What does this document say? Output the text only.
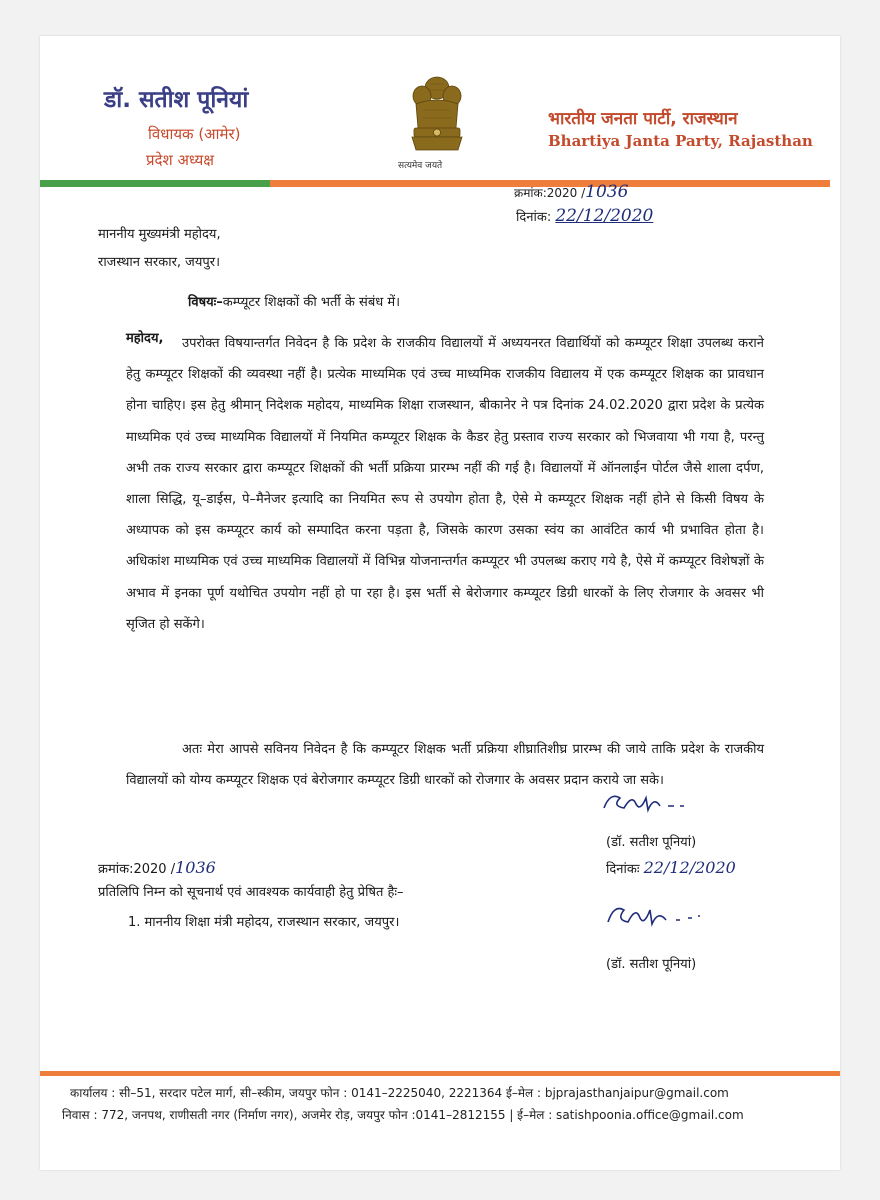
डॉ. सतीश पूनियां
विधायक (आमेर)
प्रदेश अध्यक्ष	सत्यमेव जयते
भारतीय जनता पार्टी, राजस्थान
Bhartiya Janta Party, Rajasthan
क्रमांक:2020 /1036
दिनांक: 22/12/2020
माननीय मुख्यमंत्री महोदय,
राजस्थान सरकार, जयपुर।
विषयः–कम्प्यूटर शिक्षकों की भर्ती के संबंध में।
महोदय,	उपरोक्त विषयान्तर्गत निवेदन है कि प्रदेश के राजकीय विद्यालयों में अध्ययनरत विद्यार्थियों को कम्प्यूटर शिक्षा उपलब्ध कराने हेतु कम्प्यूटर शिक्षकों की व्यवस्था नहीं है। प्रत्येक माध्यमिक एवं उच्च माध्यमिक राजकीय विद्यालय में एक कम्प्यूटर शिक्षक का प्रावधान होना चाहिए। इस हेतु श्रीमान् निदेशक महोदय, माध्यमिक शिक्षा राजस्थान, बीकानेर ने पत्र दिनांक 24.02.2020 द्वारा प्रदेश के प्रत्येक माध्यमिक एवं उच्च माध्यमिक विद्यालयों में नियमित कम्प्यूटर शिक्षक के कैडर हेतु प्रस्ताव राज्य सरकार को भिजवाया भी गया है, परन्तु अभी तक राज्य सरकार द्वारा कम्प्यूटर शिक्षकों की भर्ती प्रक्रिया प्रारम्भ नहीं की गई है। विद्यालयों में ऑनलाईन पोर्टल जैसे शाला दर्पण, शाला सिद्धि, यू–डाईस, पे–मैनेजर इत्यादि का नियमित रूप से उपयोग होता है, ऐसे मे कम्प्यूटर शिक्षक नहीं होने से किसी विषय के अध्यापक को इस कम्प्यूटर कार्य को सम्पादित करना पड़ता है, जिसके कारण उसका स्वंय का आवंटित कार्य भी प्रभावित होता है। अधिकांश माध्यमिक एवं उच्च माध्यमिक विद्यालयों में विभिन्न योजनान्तर्गत कम्प्यूटर भी उपलब्ध कराए गये है, ऐसे में कम्प्यूटर विशेषज्ञों के अभाव में इनका पूर्ण यथोचित उपयोग नहीं हो पा रहा है। इस भर्ती से बेरोजगार कम्प्यूटर डिग्री धारकों के लिए रोजगार के अवसर भी सृजित हो सकेंगे।
अतः मेरा आपसे सविनय निवेदन है कि कम्प्यूटर शिक्षक भर्ती प्रक्रिया शीघ्रातिशीघ्र प्रारम्भ की जाये ताकि प्रदेश के राजकीय विद्यालयों को योग्य कम्प्यूटर शिक्षक एवं बेरोजगार कम्प्यूटर डिग्री धारकों को रोजगार के अवसर प्रदान कराये जा सके।
(डॉ. सतीश पूनियां)
दिनांकः 22/12/2020
क्रमांक:2020 /1036
प्रतिलिपि निम्न को सूचनार्थ एवं आवश्यक कार्यवाही हेतु प्रेषित हैः–
1. माननीय शिक्षा मंत्री महोदय, राजस्थान सरकार, जयपुर।
(डॉ. सतीश पूनियां)
कार्यालय : सी–51, सरदार पटेल मार्ग, सी–स्कीम, जयपुर फोन : 0141–2225040, 2221364 ई–मेल : bjprajasthanjaipur@gmail.com
निवास : 772, जनपथ, राणीसती नगर (निर्माण नगर), अजमेर रोड़, जयपुर फोन :0141–2812155 | ई–मेल : satishpoonia.office@gmail.com
